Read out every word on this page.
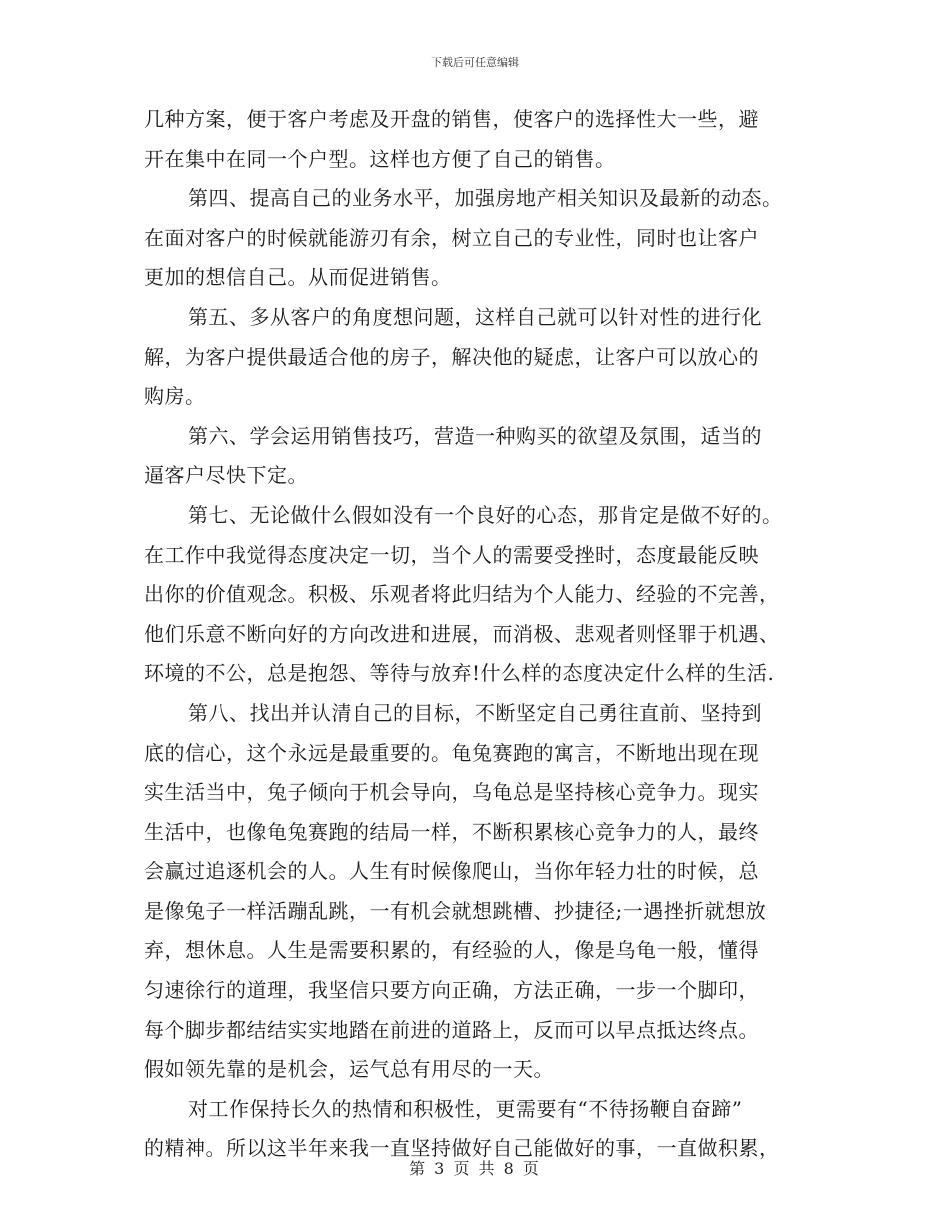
下载后可任意编辑

几种方案，便于客户考虑及开盘的销售，使客户的选择性大一些，避
开在集中在同一个户型。这样也方便了自己的销售。

第四、提高自己的业务水平，加强房地产相关知识及最新的动态。
在面对客户的时候就能游刃有余，树立自己的专业性，同时也让客户
更加的想信自己。从而促进销售。

第五、多从客户的角度想问题，这样自己就可以针对性的进行化
解，为客户提供最适合他的房子，解决他的疑虑，让客户可以放心的
购房。

第六、学会运用销售技巧，营造一种购买的欲望及氛围，适当的
逼客户尽快下定。

第七、无论做什么假如没有一个良好的心态，那肯定是做不好的。
在工作中我觉得态度决定一切，当个人的需要受挫时，态度最能反映
出你的价值观念。积极、乐观者将此归结为个人能力、经验的不完善，
他们乐意不断向好的方向改进和进展，而消极、悲观者则怪罪于机遇、
环境的不公，总是抱怨、等待与放弃!什么样的态度决定什么样的生活.

第八、找出并认清自己的目标，不断坚定自己勇往直前、坚持到
底的信心，这个永远是最重要的。龟兔赛跑的寓言，不断地出现在现
实生活当中，兔子倾向于机会导向，乌龟总是坚持核心竞争力。现实
生活中，也像龟兔赛跑的结局一样，不断积累核心竞争力的人，最终
会赢过追逐机会的人。人生有时候像爬山，当你年轻力壮的时候，总
是像兔子一样活蹦乱跳，一有机会就想跳槽、抄捷径;一遇挫折就想放
弃，想休息。人生是需要积累的，有经验的人，像是乌龟一般，懂得
匀速徐行的道理，我坚信只要方向正确，方法正确，一步一个脚印，
每个脚步都结结实实地踏在前进的道路上，反而可以早点抵达终点。
假如领先靠的是机会，运气总有用尽的一天。

对工作保持长久的热情和积极性，更需要有“不待扬鞭自奋蹄”
的精神。所以这半年来我一直坚持做好自己能做好的事，一直做积累，

第 3 页 共 8 页
